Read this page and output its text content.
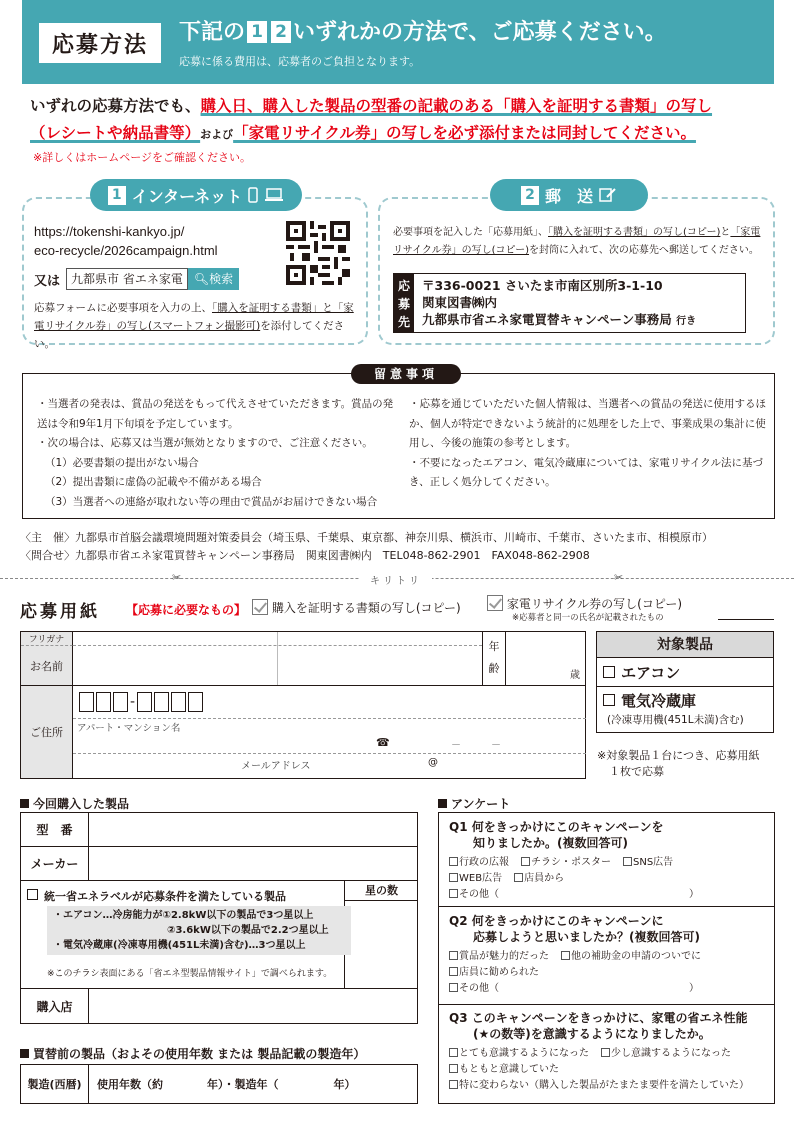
応募方法	下記の 1 2 いずれかの方法で、ご応募ください。
応募に係る費用は、応募者のご負担となります。
いずれの応募方法でも、購入日、購入した製品の型番の記載のある「購入を証明する書類」の写し
（レシートや納品書等）および「家電リサイクル券」の写しを必ず添付または同封してください。
※詳しくはホームページをご確認ください。
1 インターネット
https://tokenshi-kankyo.jp/
eco-recycle/2026campaign.html
又は 九都県市 省エネ家電 🔍︎検索
応募フォームに必要事項を入力の上、「購入を証明する書類」と「家電リサイクル券」の写し(スマートフォン撮影可)を添付してください。
2 郵　送
必要事項を記入した「応募用紙」、「購入を証明する書類」の写し(コピー)と「家電リサイクル券」の写し(コピー)を封筒に入れて、次の応募先へ郵送してください。
応
募
先
〒336-0021 さいたま市南区別所3-1-10
関東図書㈱内
九都県市省エネ家電買替キャンペーン事務局 行き
留意事項
・当選者の発表は、賞品の発送をもって代えさせていただきます。賞品の発送は令和9年1月下旬頃を予定しています。
・次の場合は、応募又は当選が無効となりますので、ご注意ください。
（1）必要書類の提出がない場合
（2）提出書類に虚偽の記載や不備がある場合
（3）当選者への連絡が取れない等の理由で賞品がお届けできない場合
・応募を通じていただいた個人情報は、当選者への賞品の発送に使用するほか、個人が特定できないよう統計的に処理をした上で、事業成果の集計に使用し、今後の施策の参考とします。
・不要になったエアコン、電気冷蔵庫については、家電リサイクル法に基づき、正しく処分してください。
〈主　催〉九都県市首脳会議環境問題対策委員会（埼玉県、千葉県、東京都、神奈川県、横浜市、川崎市、千葉市、さいたま市、相模原市）
〈問合せ〉九都県市省エネ家電買替キャンペーン事務局　関東図書㈱内　TEL048-862-2901　FAX048-862-2908
✂	✂
キリトリ
応募用紙 【応募に必要なもの】	購入を証明する書類の写し(コピー)	家電リサイクル券の写し(コピー)
※応募者と同一の氏名が記載されたもの
フリガナ
お名前
年
齢
歳
ご住所
-
アパート・マンション名
☎	－　　　－
メールアドレス	@
対象製品
エアコン
電気冷蔵庫
(冷凍専用機(451L未満)含む)
※対象製品１台につき、応募用紙
１枚で応募
今回購入した製品
型　番
メーカー
統一省エネラベルが応募条件を満たしている製品	星の数
・エアコン…冷房能力が①2.8kW以下の製品で3つ星以上
②3.6kW以下の製品で2.2つ星以上
・電気冷蔵庫(冷凍専用機(451L未満)含む)…3つ星以上
※このチラシ表面にある「省エネ型製品情報サイト」で調べられます。
購入店
買替前の製品（およその使用年数 または 製品記載の製造年）
製造(西暦)	使用年数（約　　　　年）・製造年（　　　　　年）
アンケート
Q1 何をきっかけにこのキャンペーンを
知りましたか。(複数回答可)
行政の広報 チラシ・ポスター SNS広告
WEB広告 店員から
その他（　　　　　　　　　　　　　　　　　　　）
Q2 何をきっかけにこのキャンペーンに
応募しようと思いましたか？(複数回答可)
賞品が魅力的だった 他の補助金の申請のついでに
店員に勧められた
その他（　　　　　　　　　　　　　　　　　　　）
Q3 このキャンペーンをきっかけに、家電の省エネ性能
(★の数等)を意識するようになりましたか。
とても意識するようになった 少し意識するようになった
もともと意識していた
特に変わらない（購入した製品がたまたま要件を満たしていた）
